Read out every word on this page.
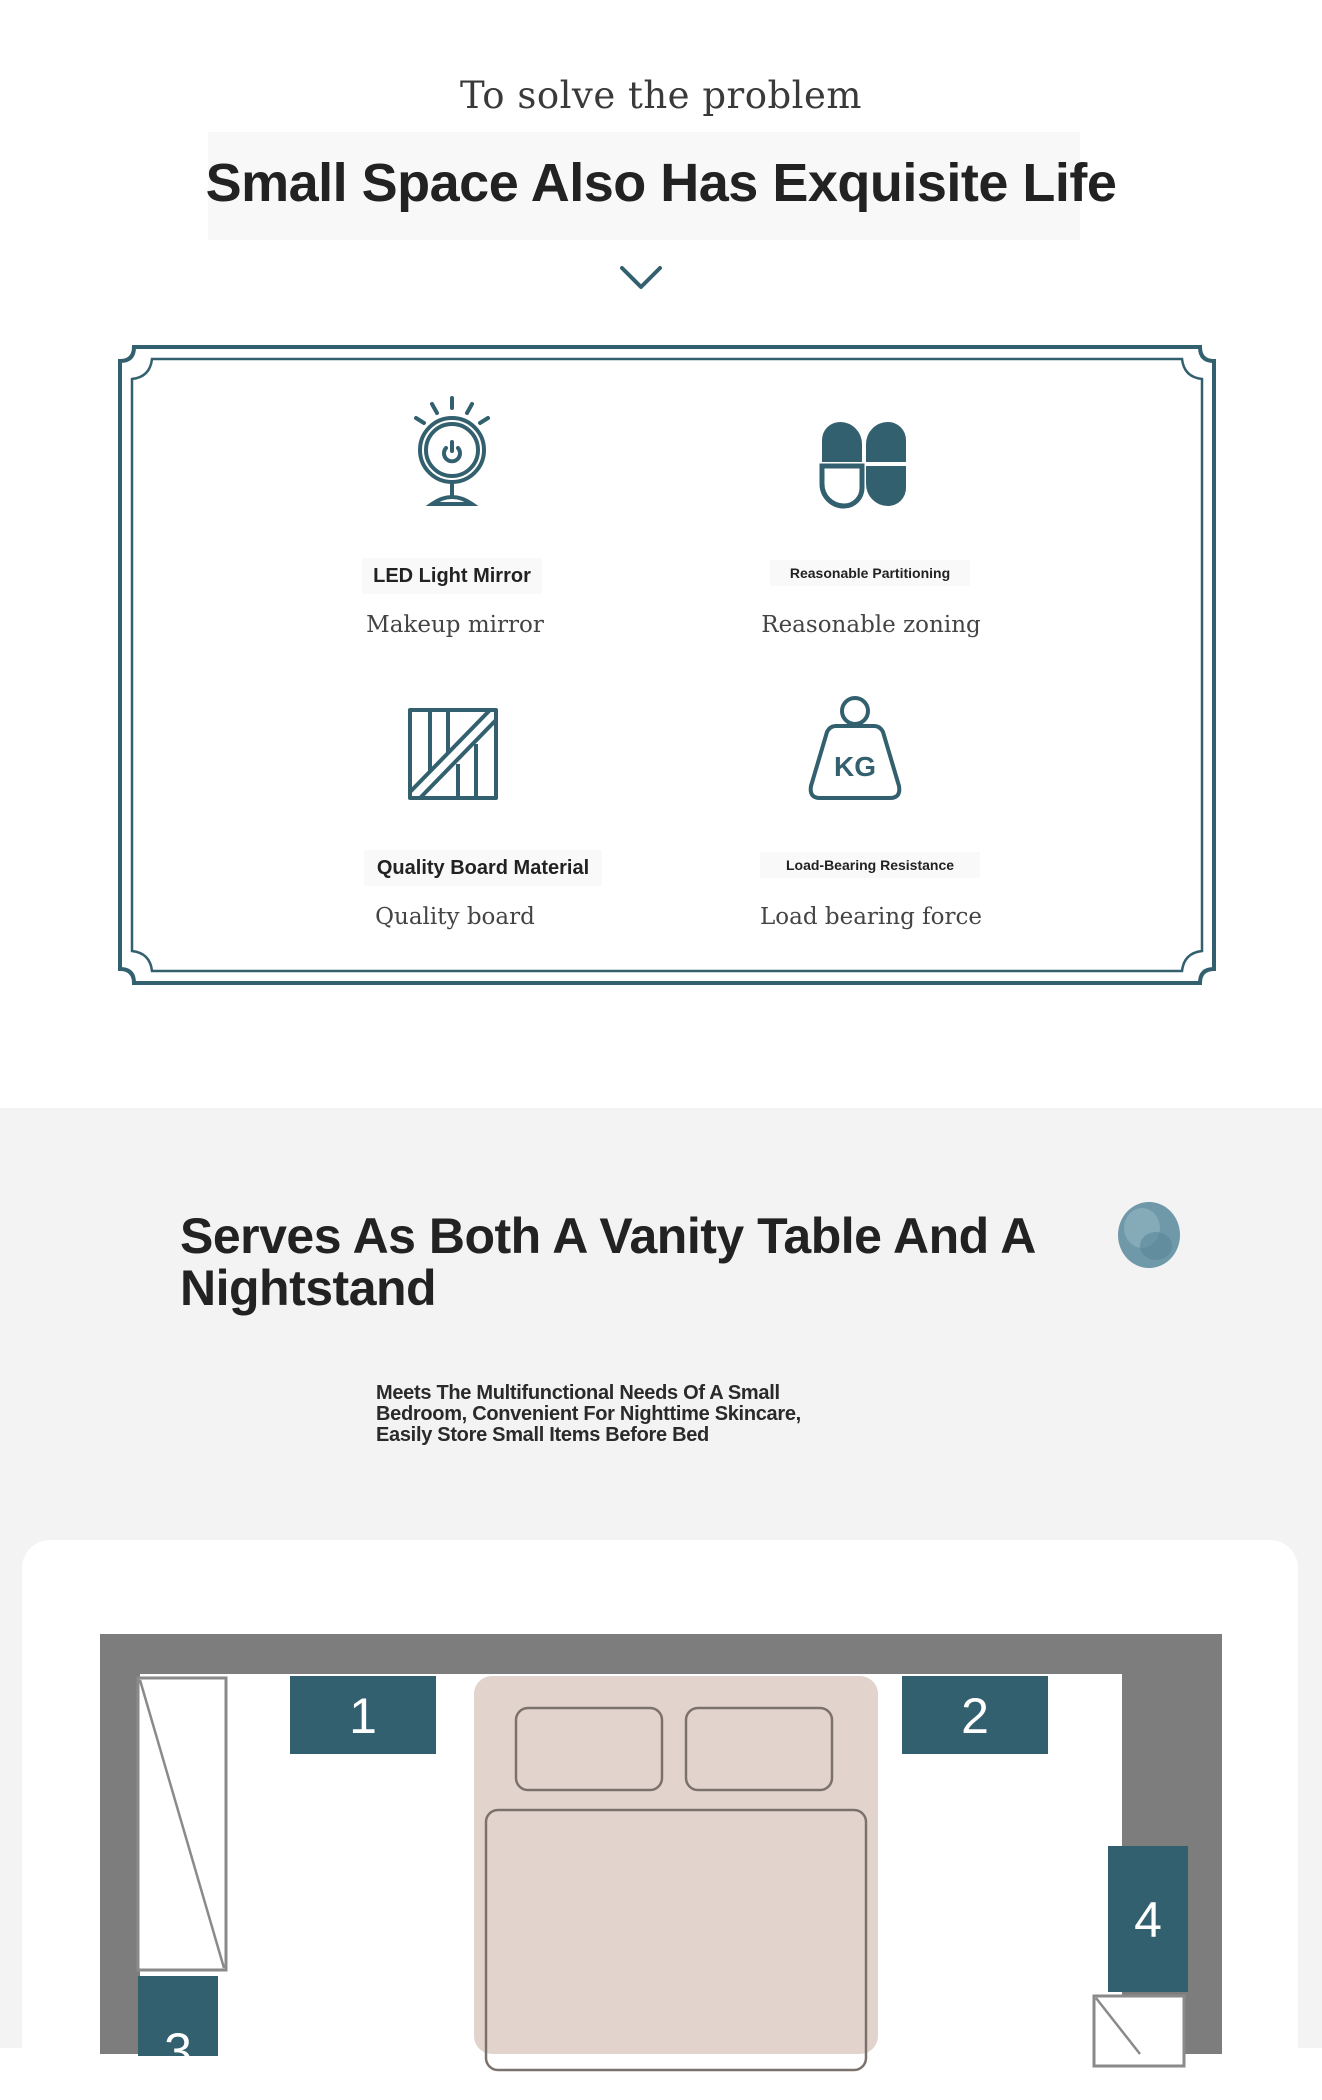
To solve the problem
Small Space Also Has Exquisite Life
LED Light Mirror
Makeup mirror
Reasonable Partitioning
Reasonable zoning
Quality Board Material
Quality board
KG
Load-Bearing Resistance
Load bearing force
Serves As Both A Vanity Table And A Nightstand
Meets The Multifunctional Needs Of A Small Bedroom, Convenient For Nighttime Skincare, Easily Store Small Items Before Bed
1	2
3
4
